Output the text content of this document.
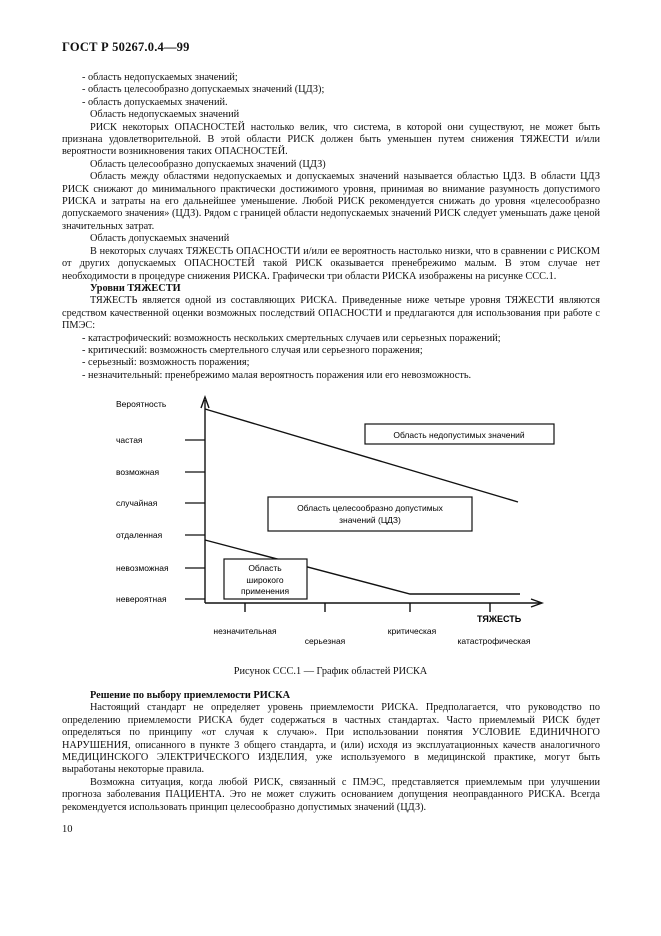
ГОСТ Р 50267.0.4—99

- область недопускаемых значений;

- область целесообразно допускаемых значений (ЦДЗ);

- область допускаемых значений.

Область недопускаемых значений

РИСК некоторых ОПАСНОСТЕЙ настолько велик, что система, в которой они существуют, не может быть признана удовлетворительной. В этой области РИСК должен быть уменьшен путем снижения ТЯЖЕСТИ и/или вероятности возникновения таких ОПАСНОСТЕЙ.

Область целесообразно допускаемых значений (ЦДЗ)

Область между областями недопускаемых и допускаемых значений называется областью ЦДЗ. В области ЦДЗ РИСК снижают до минимального практически достижимого уровня, принимая во внимание разумность допустимого РИСКА и затраты на его дальнейшее уменьшение. Любой РИСК рекомендуется снижать до уровня «целесообразно допускаемого значения» (ЦДЗ). Рядом с границей области недопускаемых значений РИСК следует уменьшать даже ценой значительных затрат.

Область допускаемых значений

В некоторых случаях ТЯЖЕСТЬ ОПАСНОСТИ и/или ее вероятность настолько низки, что в сравнении с РИСКОМ от других допускаемых ОПАСНОСТЕЙ такой РИСК оказывается пренебрежимо малым. В этом случае нет необходимости в процедуре снижения РИСКА. Графически три области РИСКА изображены на рисунке ССС.1.

Уровни ТЯЖЕСТИ

ТЯЖЕСТЬ является одной из составляющих РИСКА. Приведенные ниже четыре уровня ТЯЖЕСТИ являются средством качественной оценки возможных последствий ОПАСНОСТИ и предлагаются для использования при работе с ПМЭС:

- катастрофический: возможность нескольких смертельных случаев или серьезных поражений;

- критический: возможность смертельного случая или серьезного поражения;

- серьезный: возможность поражения;

- незначительный: пренебрежимо малая вероятность поражения или его невозможность.

Вероятность
частая
возможная
случайная
отдаленная
невозможная
невероятная
незначительная
серьезная
критическая
катастрофическая
ТЯЖЕСТЬ
Область недопустимых значений
Область целесообразно допустимых
значений (ЦДЗ)
Область
широкого
применения
Рисунок ССС.1 — График областей РИСКА

Решение по выбору приемлемости РИСКА

Настоящий стандарт не определяет уровень приемлемости РИСКА. Предполагается, что руководство по определению приемлемости РИСКА будет содержаться в частных стандартах. Часто приемлемый РИСК будет определяться по принципу «от случая к случаю». При использовании понятия УСЛОВИЕ ЕДИНИЧНОГО НАРУШЕНИЯ, описанного в пункте 3 общего стандарта, и (или) исходя из эксплуатационных качеств аналогичного МЕДИЦИНСКОГО ЭЛЕКТРИЧЕСКОГО ИЗДЕЛИЯ, уже используемого в медицинской практике, могут быть выработаны некоторые правила.

Возможна ситуация, когда любой РИСК, связанный с ПМЭС, представляется приемлемым при улучшении прогноза заболевания ПАЦИЕНТА. Это не может служить основанием допущения неоправданного РИСКА. Всегда рекомендуется использовать принцип целесообразно допустимых значений (ЦДЗ).

10
